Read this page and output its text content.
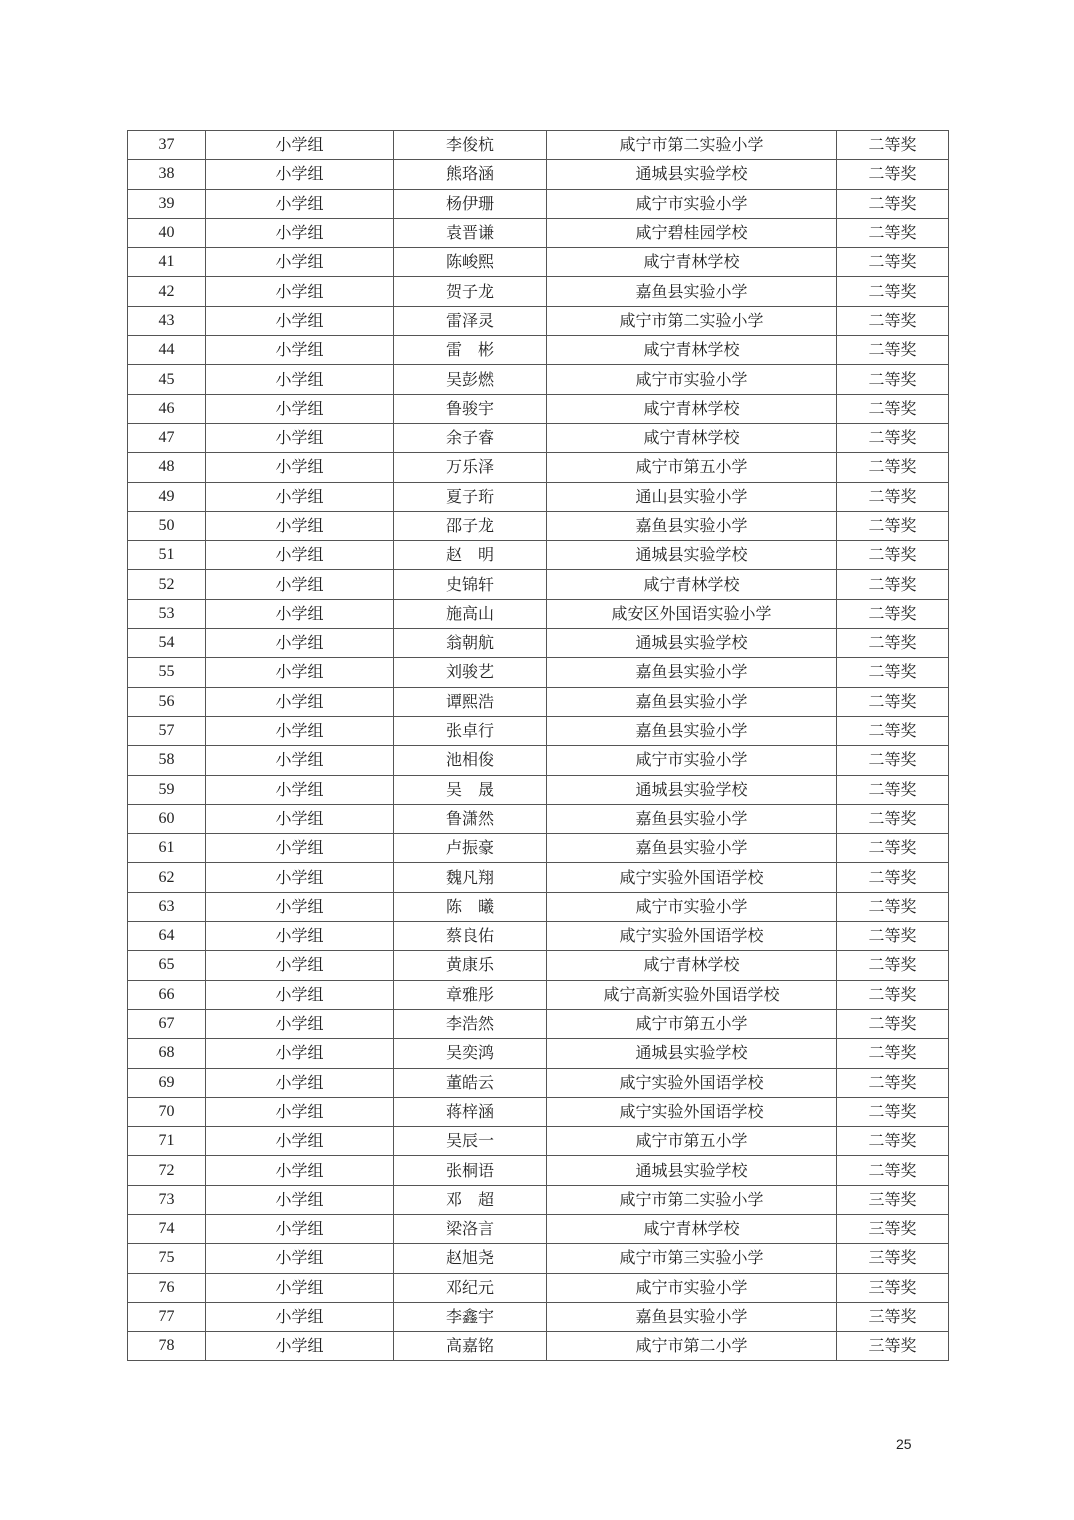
37	小学组	李俊杭	咸宁市第二实验小学	二等奖
38	小学组	熊珞涵	通城县实验学校	二等奖
39	小学组	杨伊珊	咸宁市实验小学	二等奖
40	小学组	袁晋谦	咸宁碧桂园学校	二等奖
41	小学组	陈峻熙	咸宁青林学校	二等奖
42	小学组	贺子龙	嘉鱼县实验小学	二等奖
43	小学组	雷泽灵	咸宁市第二实验小学	二等奖
44	小学组	雷　彬	咸宁青林学校	二等奖
45	小学组	吴彭燃	咸宁市实验小学	二等奖
46	小学组	鲁骏宇	咸宁青林学校	二等奖
47	小学组	余子睿	咸宁青林学校	二等奖
48	小学组	万乐泽	咸宁市第五小学	二等奖
49	小学组	夏子珩	通山县实验小学	二等奖
50	小学组	邵子龙	嘉鱼县实验小学	二等奖
51	小学组	赵　明	通城县实验学校	二等奖
52	小学组	史锦轩	咸宁青林学校	二等奖
53	小学组	施高山	咸安区外国语实验小学	二等奖
54	小学组	翁朝航	通城县实验学校	二等奖
55	小学组	刘骏艺	嘉鱼县实验小学	二等奖
56	小学组	谭熙浩	嘉鱼县实验小学	二等奖
57	小学组	张卓行	嘉鱼县实验小学	二等奖
58	小学组	池相俊	咸宁市实验小学	二等奖
59	小学组	吴　晟	通城县实验学校	二等奖
60	小学组	鲁潇然	嘉鱼县实验小学	二等奖
61	小学组	卢振豪	嘉鱼县实验小学	二等奖
62	小学组	魏凡翔	咸宁实验外国语学校	二等奖
63	小学组	陈　曦	咸宁市实验小学	二等奖
64	小学组	蔡良佑	咸宁实验外国语学校	二等奖
65	小学组	黄康乐	咸宁青林学校	二等奖
66	小学组	章雅彤	咸宁高新实验外国语学校	二等奖
67	小学组	李浩然	咸宁市第五小学	二等奖
68	小学组	吴奕鸿	通城县实验学校	二等奖
69	小学组	董皓云	咸宁实验外国语学校	二等奖
70	小学组	蒋梓涵	咸宁实验外国语学校	二等奖
71	小学组	吴辰一	咸宁市第五小学	二等奖
72	小学组	张桐语	通城县实验学校	二等奖
73	小学组	邓　超	咸宁市第二实验小学	三等奖
74	小学组	梁洛言	咸宁青林学校	三等奖
75	小学组	赵旭尧	咸宁市第三实验小学	三等奖
76	小学组	邓纪元	咸宁市实验小学	三等奖
77	小学组	李鑫宇	嘉鱼县实验小学	三等奖
78	小学组	高嘉铭	咸宁市第二小学	三等奖
25
